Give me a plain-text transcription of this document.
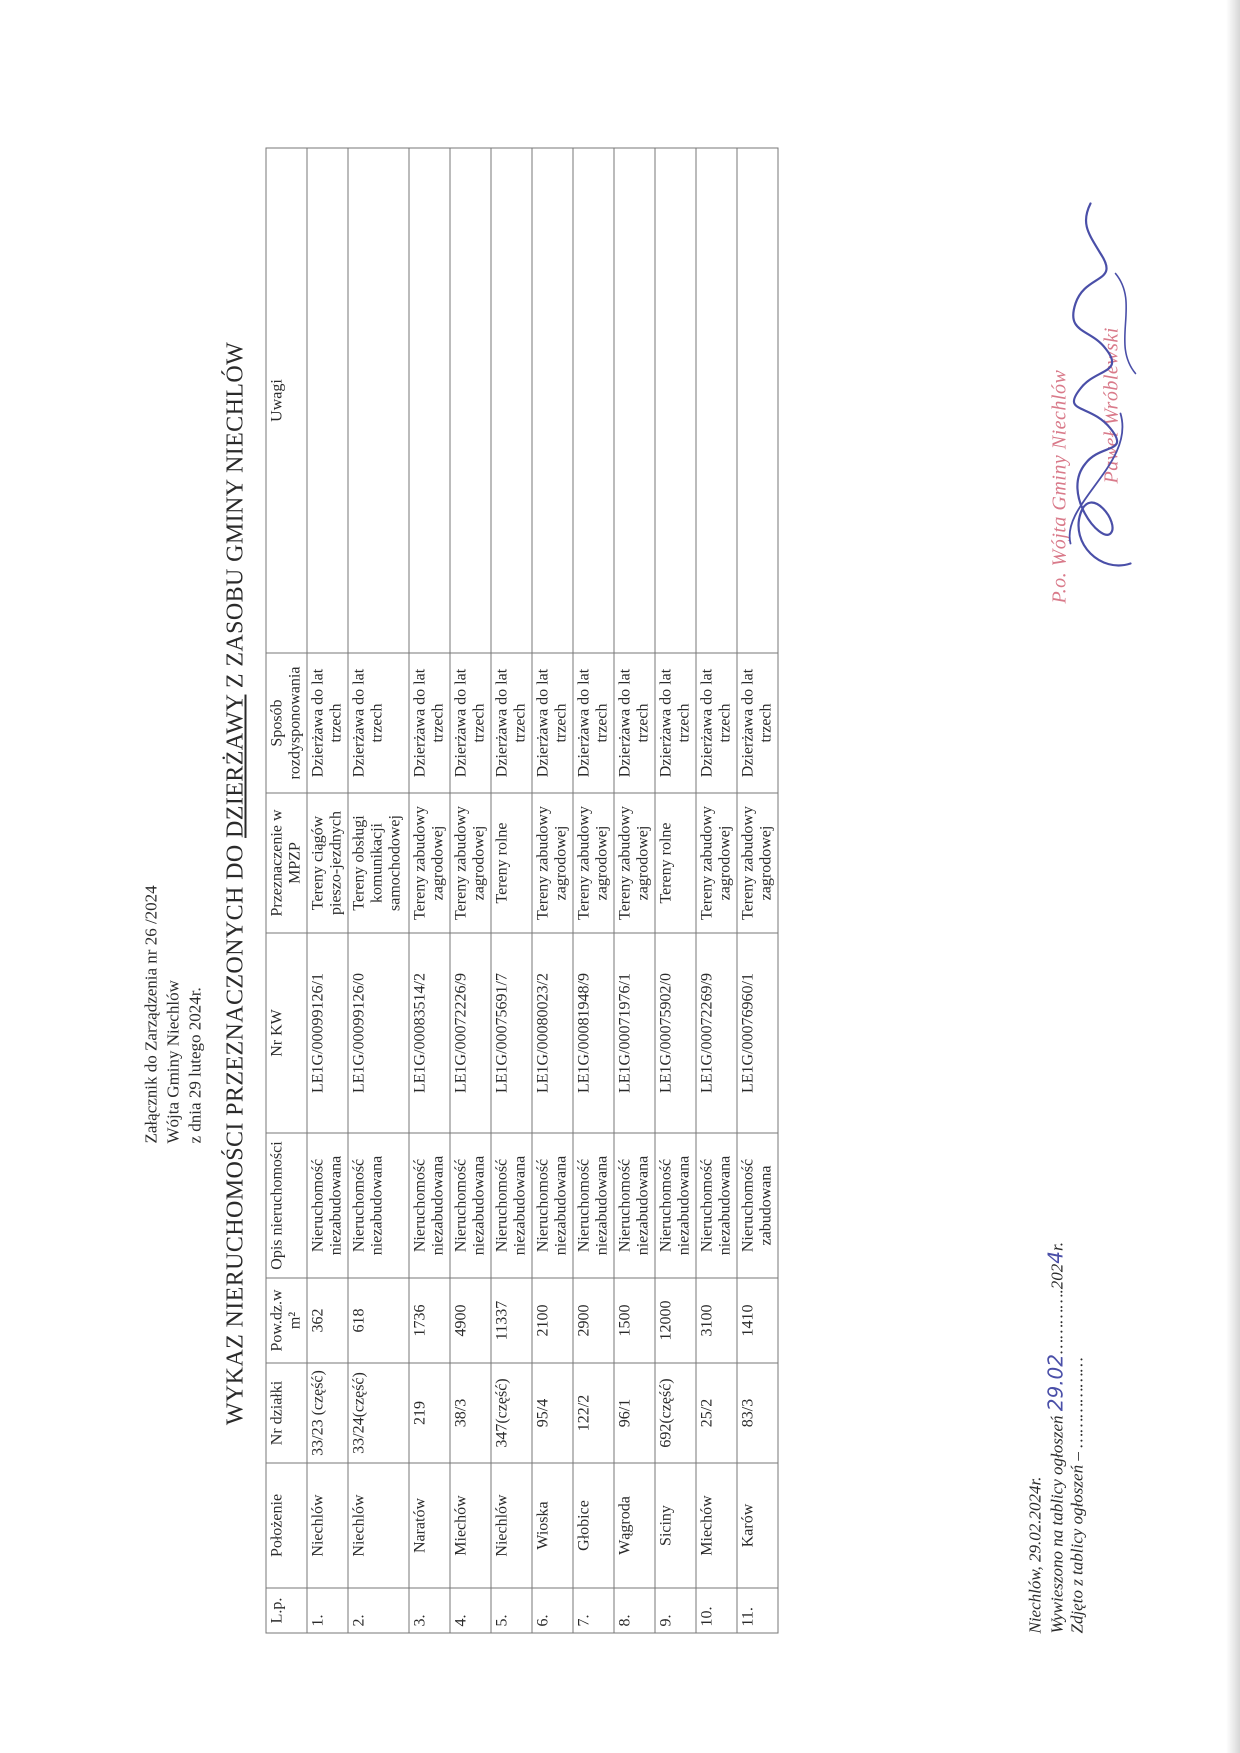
Załącznik do Zarządzenia nr 26 /2024 Wójta Gminy Niechlów z dnia 29 lutego 2024r. WYKAZ NIERUCHOMOŚCI PRZEZNACZONYCH DO DZIERŻAWY Z ZASOBU GMINY NIECHLÓW
L.p.	Położenie	Nr działki	Pow.dz.w m²	Opis nieruchomości	Nr KW	Przeznaczenie w MPZP	Sposób rozdysponowania	Uwagi
1.	Niechlów	33/23 (część)	362	Nieruchomość niezabudowana	LE1G/00099126/1	Tereny ciągów pieszo-jezdnych	Dzierżawa do lat trzech	
2.	Niechlów	33/24(część)	618	Nieruchomość niezabudowana	LE1G/00099126/0	Tereny obsługi komunikacji samochodowej	Dzierżawa do lat trzech	
3.	Naratów	219	1736	Nieruchomość niezabudowana	LE1G/00083514/2	Tereny zabudowy zagrodowej	Dzierżawa do lat trzech	
4.	Miechów	38/3	4900	Nieruchomość niezabudowana	LE1G/00072226/9	Tereny zabudowy zagrodowej	Dzierżawa do lat trzech	
5.	Niechlów	347(część)	11337	Nieruchomość niezabudowana	LE1G/00075691/7	Tereny rolne	Dzierżawa do lat trzech	
6.	Wioska	95/4	2100	Nieruchomość niezabudowana	LE1G/00080023/2	Tereny zabudowy zagrodowej	Dzierżawa do lat trzech	
7.	Głobice	122/2	2900	Nieruchomość niezabudowana	LE1G/00081948/9	Tereny zabudowy zagrodowej	Dzierżawa do lat trzech	
8.	Wągroda	96/1	1500	Nieruchomość niezabudowana	LE1G/00071976/1	Tereny zabudowy zagrodowej	Dzierżawa do lat trzech	
9.	Siciny	692(część)	12000	Nieruchomość niezabudowana	LE1G/00075902/0	Tereny rolne	Dzierżawa do lat trzech	
10.	Miechów	25/2	3100	Nieruchomość niezabudowana	LE1G/00072269/9	Tereny zabudowy zagrodowej	Dzierżawa do lat trzech	
11.	Karów	83/3	1410	Nieruchomość zabudowana	LE1G/00076960/1	Tereny zabudowy zagrodowej	Dzierżawa do lat trzech	
Niechlów, 29.02.2024r. Wywieszono na tablicy ogłoszeń 29.02………….2024r.
Zdjęto z tablicy ogłoszeń – ………………
P.o. Wójta Gminy Niechlów Paweł Wróblewski
